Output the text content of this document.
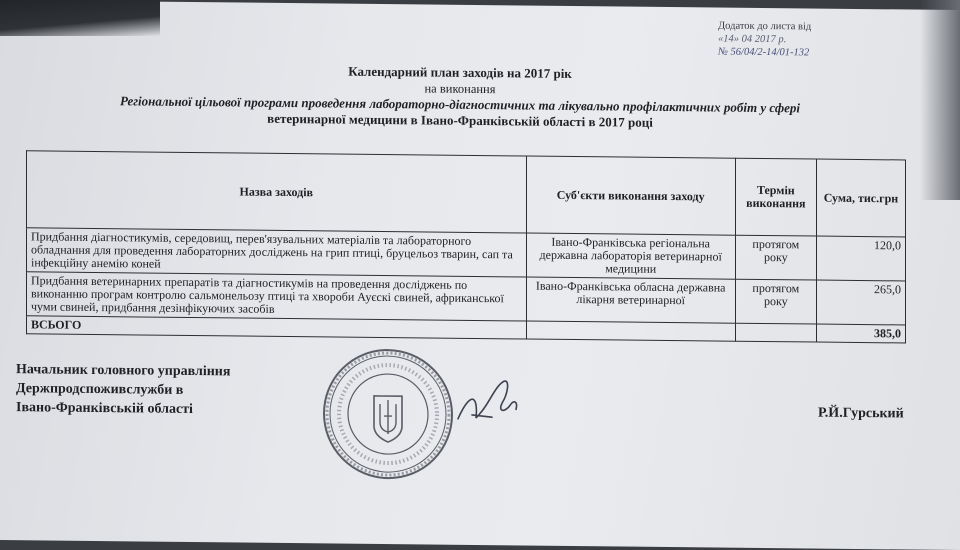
Додаток до листа від
«14» 04 2017 р.
№ 56/04/2-14/01-132
Календарний план заходів на 2017 рік
на виконання
Регіональної цільової програми проведення лабораторно-діагностичних та лікувально профілактичних робіт у сфері
ветеринарної медицини в Івано-Франківській області в 2017 році
Назва заходів	Суб'єкти виконання заходу	Термін виконання	Сума, тис.грн
Придбання діагностикумів, середовищ, перев'язувальних матеріалів та лабораторного обладнання для проведення лабораторних досліджень на грип птиці, бруцельоз тварин, сап та інфекційну анемію коней	Івано-Франківська регіональна державна лабораторія ветеринарної медицини	протягом року	120,0
Придбання ветеринарних препаратів та діагностикумів на проведення досліджень по виконанню програм контролю сальмонельозу птиці та хвороби Ауєскі свиней, африканської чуми свиней, придбання дезінфікуючих засобів	Івано-Франківська обласна державна лікарня ветеринарної	протягом року	265,0
ВСЬОГО			385,0
Начальник головного управління
Держпродспоживслужби в
Івано-Франківській області	Р.Й.Гурський
